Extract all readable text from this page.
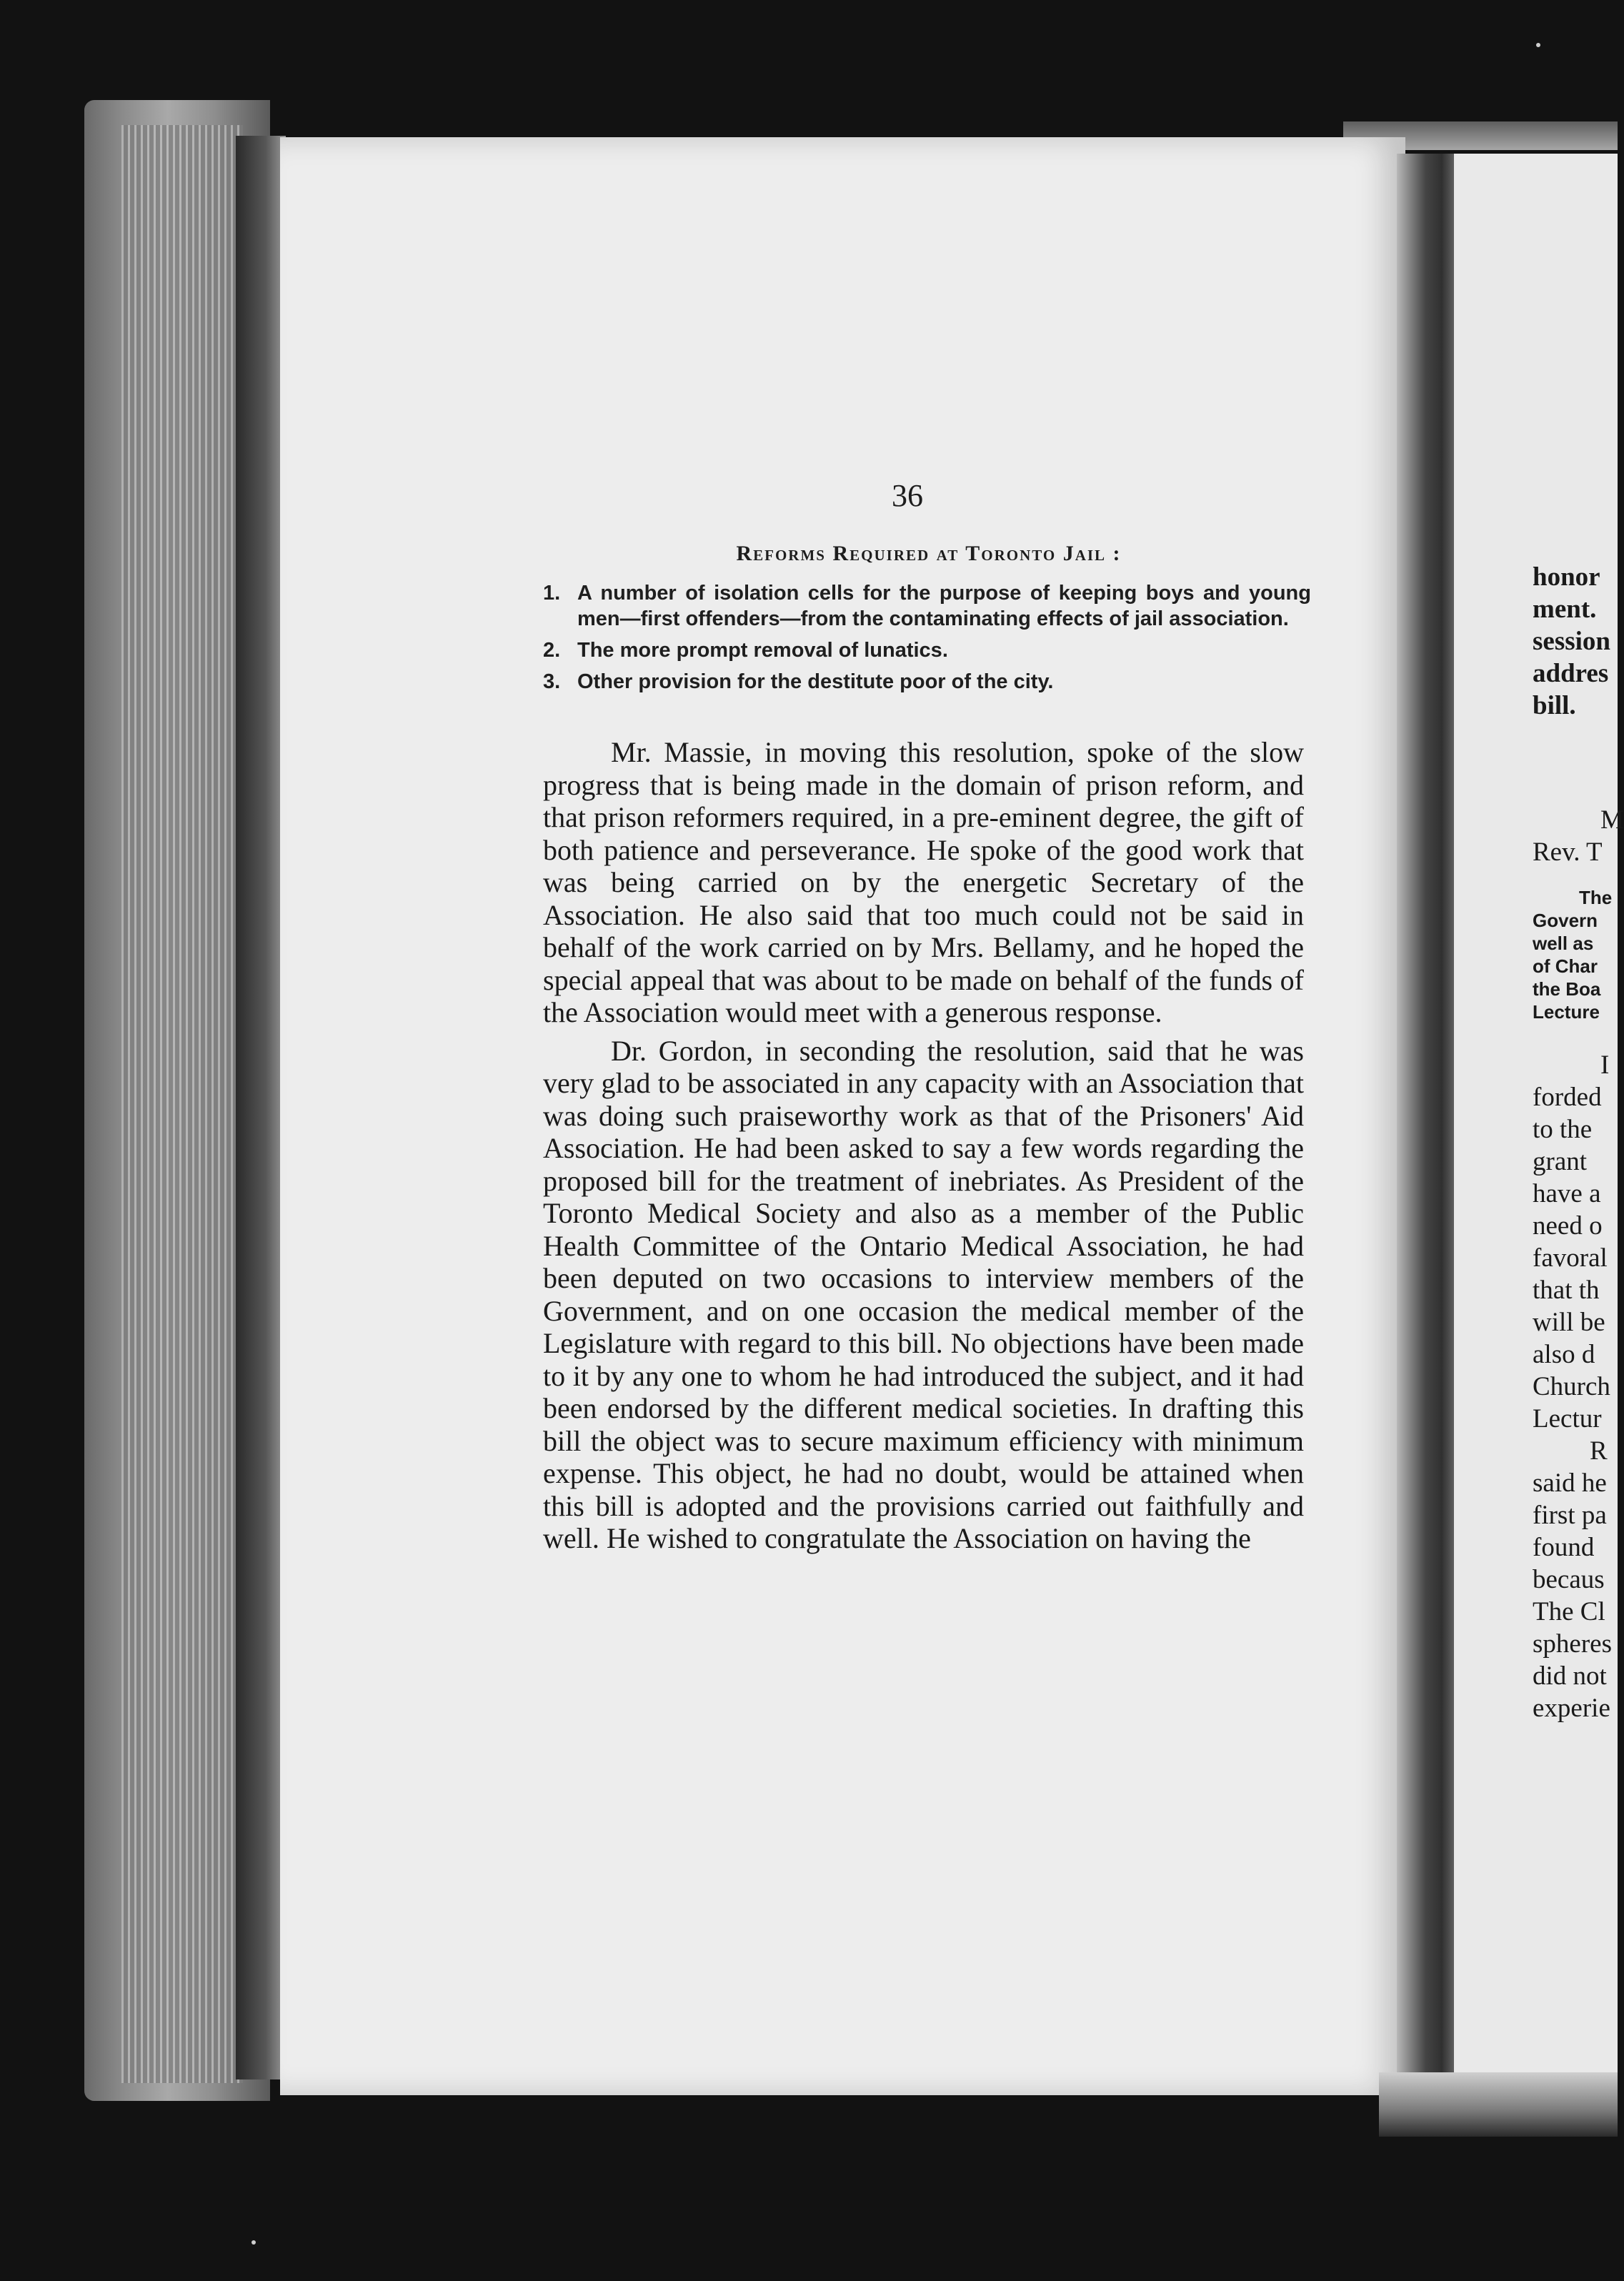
36
Reforms Required at Toronto Jail :
1. A number of isolation cells for the purpose of keeping boys and young men—first offenders—from the contaminating effects of jail association.
2. The more prompt removal of lunatics.
3. Other provision for the destitute poor of the city.

Mr. Massie, in moving this resolution, spoke of the slow progress that is being made in the domain of prison reform, and that prison reformers required, in a pre-eminent degree, the gift of both patience and perseverance. He spoke of the good work that was being carried on by the energetic Secretary of the Association. He also said that too much could not be said in behalf of the work carried on by Mrs. Bellamy, and he hoped the special appeal that was about to be made on behalf of the funds of the Association would meet with a generous response.

Dr. Gordon, in seconding the resolution, said that he was very glad to be associated in any capacity with an Association that was doing such praiseworthy work as that of the Prisoners' Aid Association. He had been asked to say a few words regarding the proposed bill for the treatment of inebriates. As President of the Toronto Medical Society and also as a member of the Public Health Committee of the Ontario Medical Association, he had been deputed on two occasions to interview members of the Government, and on one occasion the medical member of the Legislature with regard to this bill. No objections have been made to it by any one to whom he had introduced the subject, and it had been endorsed by the different medical societies. In drafting this bill the object was to secure maximum efficiency with minimum expense. This object, he had no doubt, would be attained when this bill is adopted and the provisions carried out faithfully and well. He wished to congratulate the Association on having the

honor
ment.
session
addres
bill.
M
Rev. T
The
Govern
well as
of Char
the Boa
Lecture
I
forded
to the
grant
have a
need o
favoral
that th
will be
also d
Church
Lectur
R
said he
first pa
found
becaus
The Cl
spheres
did not
experie
